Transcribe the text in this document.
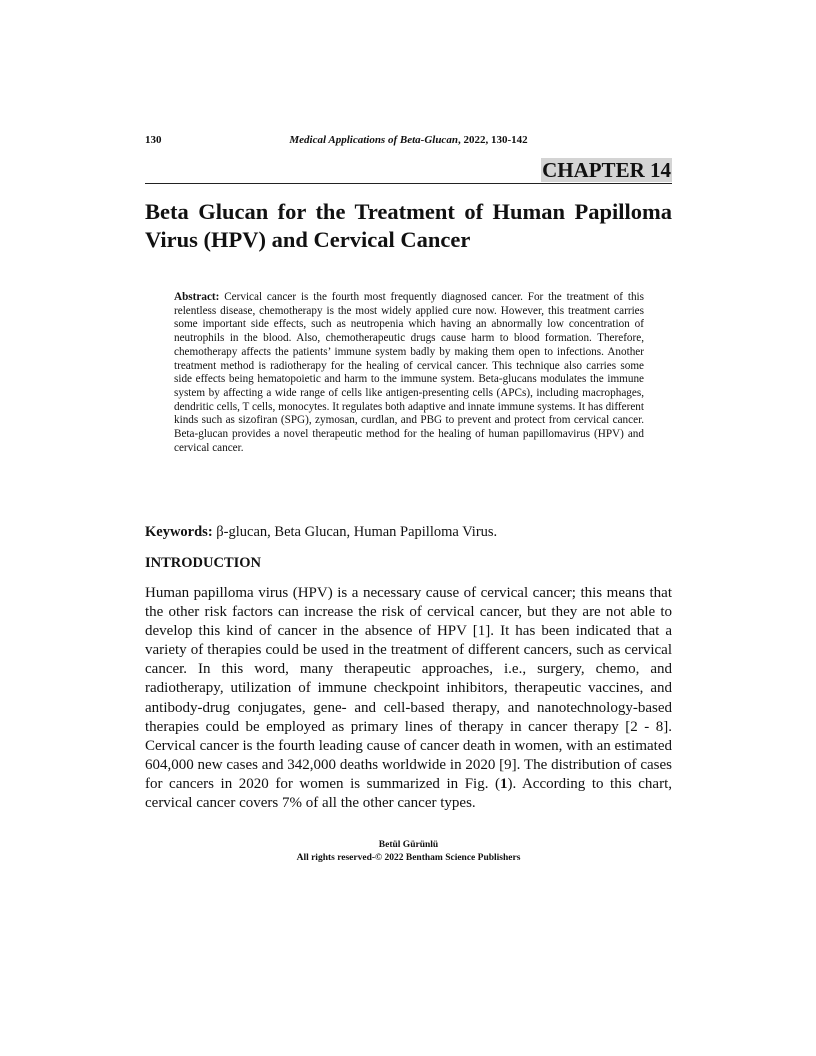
130	Medical Applications of Beta-Glucan, 2022, 130-142
CHAPTER 14
Beta Glucan for the Treatment of Human Papilloma Virus (HPV) and Cervical Cancer

Abstract: Cervical cancer is the fourth most frequently diagnosed cancer. For the treatment of this relentless disease, chemotherapy is the most widely applied cure now. However, this treatment carries some important side effects, such as neutropenia which having an abnormally low concentration of neutrophils in the blood. Also, chemotherapeutic drugs cause harm to blood formation. Therefore, chemotherapy affects the patients’ immune system badly by making them open to infections. Another treatment method is radiotherapy for the healing of cervical cancer. This technique also carries some side effects being hematopoietic and harm to the immune system. Beta-glucans modulates the immune system by affecting a wide range of cells like antigen-presenting cells (APCs), including macrophages, dendritic cells, T cells, monocytes. It regulates both adaptive and innate immune systems. It has different kinds such as sizofiran (SPG), zymosan, curdlan, and PBG to prevent and protect from cervical cancer. Beta-glucan provides a novel therapeutic method for the healing of human papillomavirus (HPV) and cervical cancer.

Keywords: β-glucan, Beta Glucan, Human Papilloma Virus.

INTRODUCTION

Human papilloma virus (HPV) is a necessary cause of cervical cancer; this means that the other risk factors can increase the risk of cervical cancer, but they are not able to develop this kind of cancer in the absence of HPV [1]. It has been indicated that a variety of therapies could be used in the treatment of different cancers, such as cervical cancer. In this word, many therapeutic approaches, i.e., surgery, chemo, and radiotherapy, utilization of immune checkpoint inhibitors, therapeutic vaccines, and antibody-drug conjugates, gene- and cell-based therapy, and nanotechnology-based therapies could be employed as primary lines of therapy in cancer therapy [2 - 8]. Cervical cancer is the fourth leading cause of cancer death in women, with an estimated 604,000 new cases and 342,000 deaths worldwide in 2020 [9]. The distribution of cases for cancers in 2020 for women is summarized in Fig. (1). According to this chart, cervical cancer covers 7% of all the other cancer types.

Betül Gürünlü
All rights reserved-© 2022 Bentham Science Publishers
